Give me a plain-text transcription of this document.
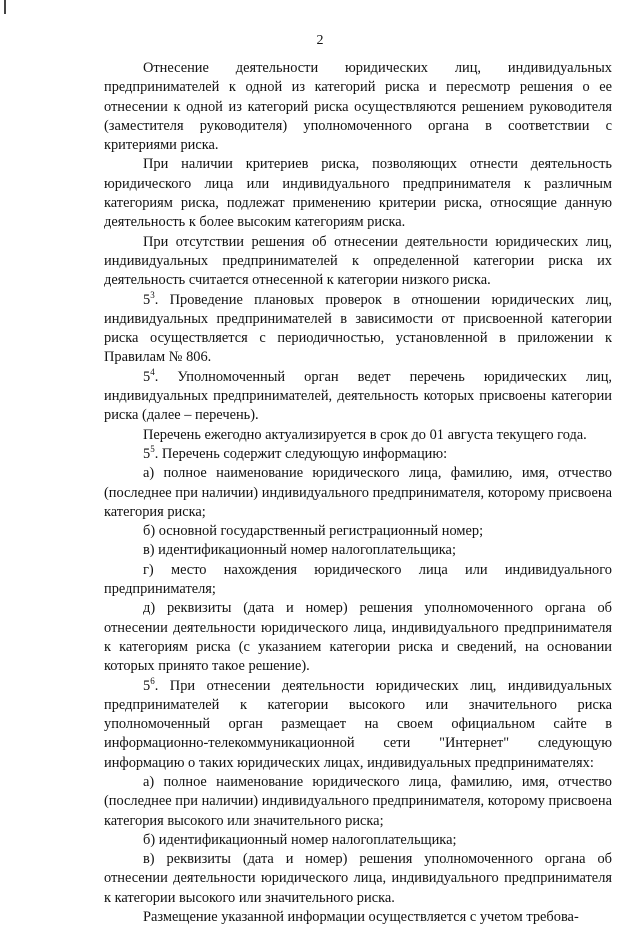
2

Отнесение деятельности юридических лиц, индивидуальных предпринимателей к одной из категорий риска и пересмотр решения о ее отнесении к одной из категорий риска осуществляются решением руководителя (заместителя руководителя) уполномоченного органа в соответствии с критериями риска.

При наличии критериев риска, позволяющих отнести деятельность юридического лица или индивидуального предпринимателя к различным категориям риска, подлежат применению критерии риска, относящие данную деятельность к более высоким категориям риска.

При отсутствии решения об отнесении деятельности юридических лиц, индивидуальных предпринимателей к определенной категории риска их деятельность считается отнесенной к категории низкого риска.

$5^3$. Проведение плановых проверок в отношении юридических лиц, индивидуальных предпринимателей в зависимости от присвоенной категории риска осуществляется с периодичностью, установленной в приложении к Правилам № 806.

$5^4$. Уполномоченный орган ведет перечень юридических лиц, индивидуальных предпринимателей, деятельность которых присвоены категории риска (далее – перечень).

Перечень ежегодно актуализируется в срок до 01 августа текущего года.

$5^5$. Перечень содержит следующую информацию:

а) полное наименование юридического лица, фамилию, имя, отчество (последнее при наличии) индивидуального предпринимателя, которому присвоена категория риска;

б) основной государственный регистрационный номер;

в) идентификационный номер налогоплательщика;

г) место нахождения юридического лица или индивидуального предпринимателя;

д) реквизиты (дата и номер) решения уполномоченного органа об отнесении деятельности юридического лица, индивидуального предпринимателя к категориям риска (с указанием категории риска и сведений, на основании которых принято такое решение).

$5^6$. При отнесении деятельности юридических лиц, индивидуальных предпринимателей к категории высокого или значительного риска уполномоченный орган размещает на своем официальном сайте в информационно-телекоммуникационной сети "Интернет" следующую информацию о таких юридических лицах, индивидуальных предпринимателях:

а) полное наименование юридического лица, фамилию, имя, отчество (последнее при наличии) индивидуального предпринимателя, которому присвоена категория высокого или значительного риска;

б) идентификационный номер налогоплательщика;

в) реквизиты (дата и номер) решения уполномоченного органа об отнесении деятельности юридического лица, индивидуального предпринимателя к категории высокого или значительного риска.

Размещение указанной информации осуществляется с учетом требова-
